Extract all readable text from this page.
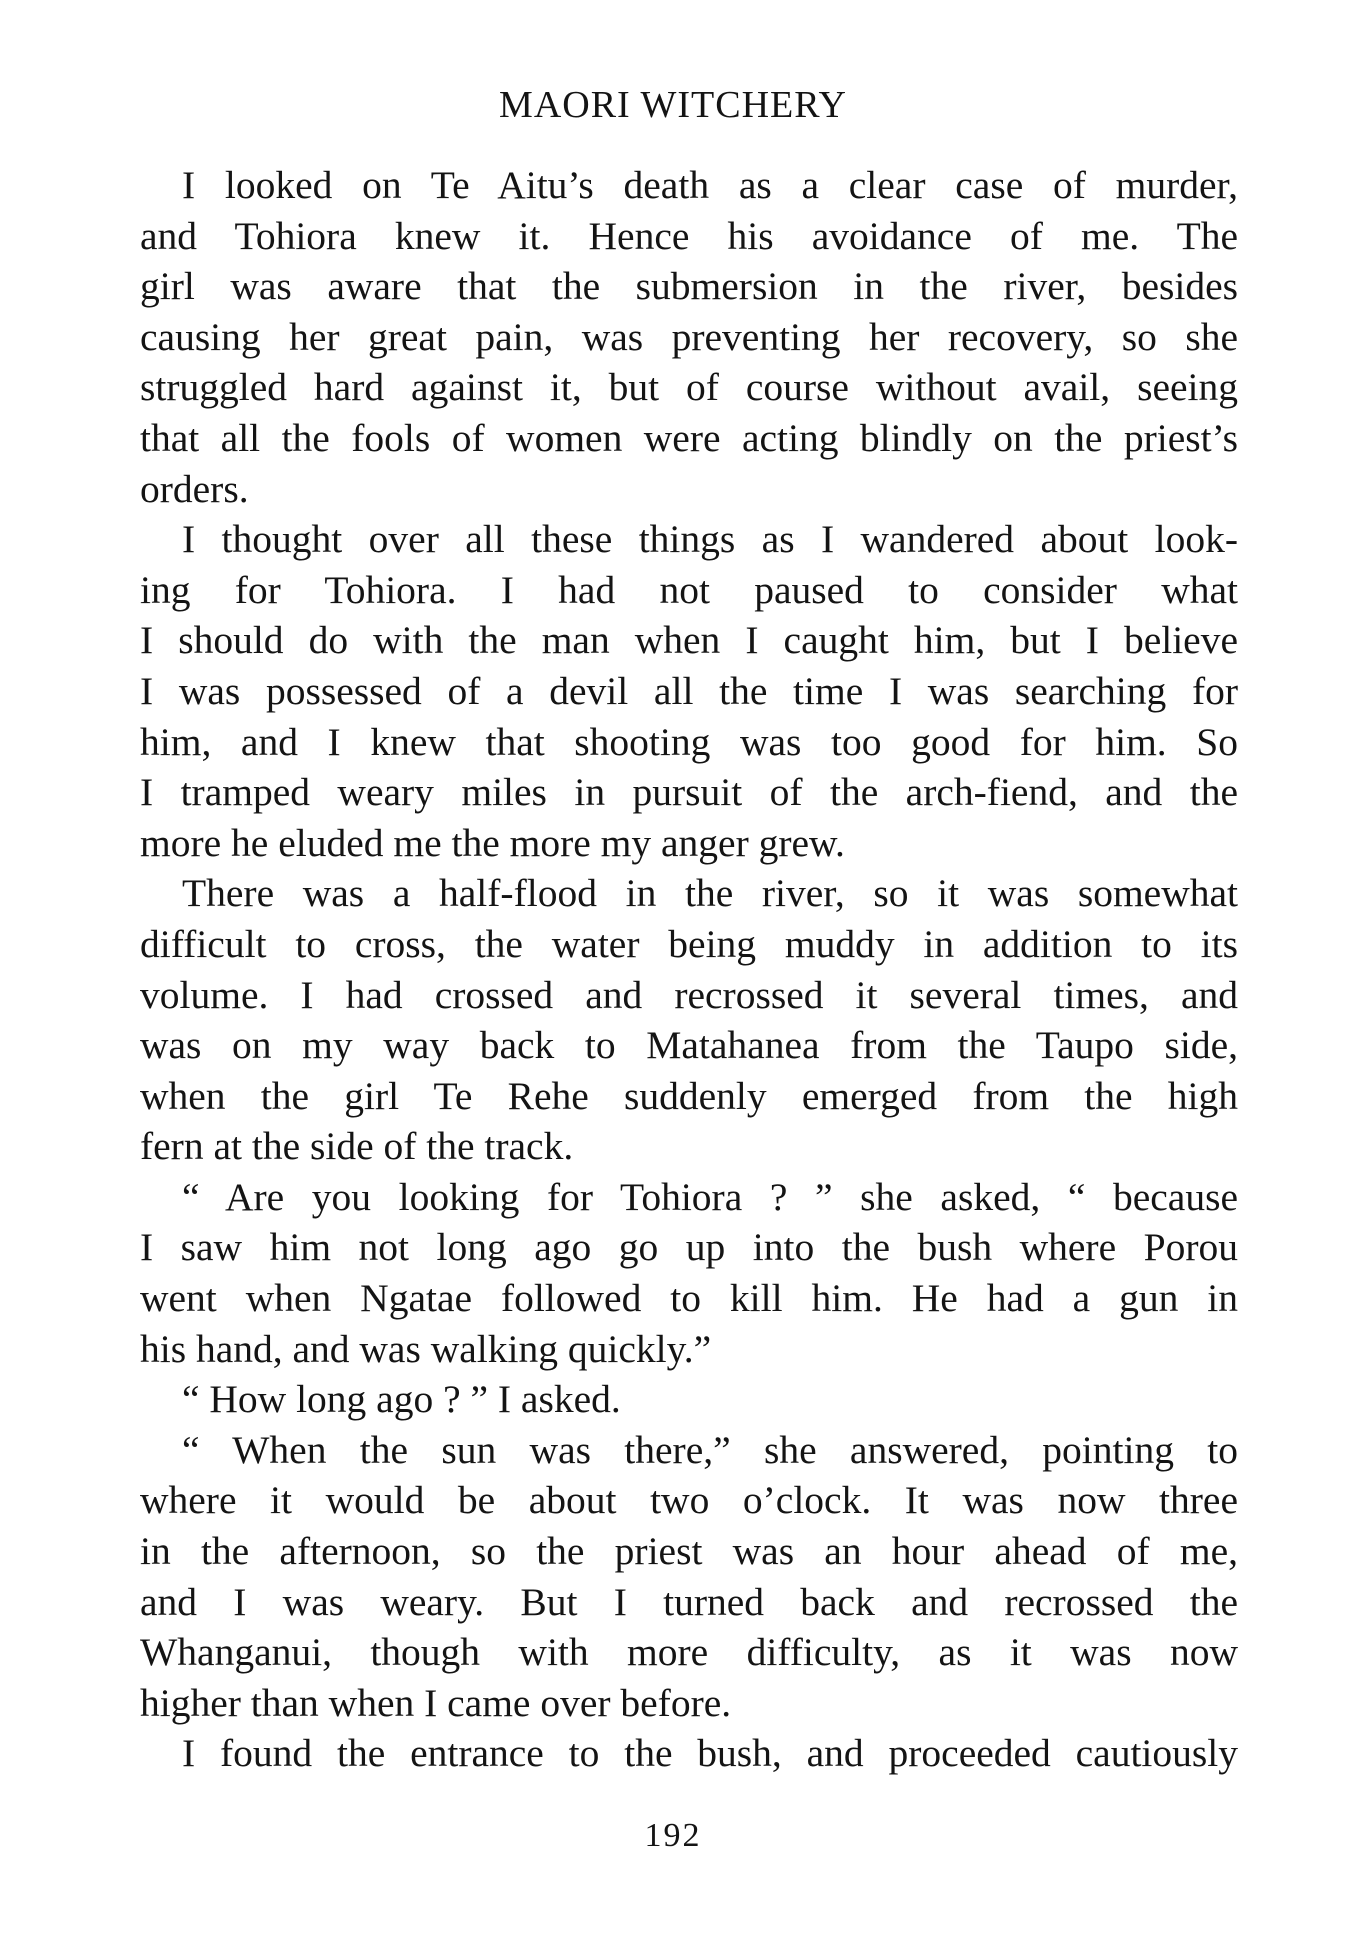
MAORI WITCHERY
I looked on Te Aitu’s death as a clear case of murder,
and Tohiora knew it. Hence his avoidance of me. The
girl was aware that the submersion in the river, besides
causing her great pain, was preventing her recovery, so she
struggled hard against it, but of course without avail, seeing
that all the fools of women were acting blindly on the priest’s
orders.
I thought over all these things as I wandered about look-
ing for Tohiora. I had not paused to consider what
I should do with the man when I caught him, but I believe
I was possessed of a devil all the time I was searching for
him, and I knew that shooting was too good for him. So
I tramped weary miles in pursuit of the arch-fiend, and the
more he eluded me the more my anger grew.
There was a half-flood in the river, so it was somewhat
difficult to cross, the water being muddy in addition to its
volume. I had crossed and recrossed it several times, and
was on my way back to Matahanea from the Taupo side,
when the girl Te Rehe suddenly emerged from the high
fern at the side of the track.
“ Are you looking for Tohiora ? ” she asked, “ because
I saw him not long ago go up into the bush where Porou
went when Ngatae followed to kill him. He had a gun in
his hand, and was walking quickly.”
“ How long ago ? ” I asked.
“ When the sun was there,” she answered, pointing to
where it would be about two o’clock. It was now three
in the afternoon, so the priest was an hour ahead of me,
and I was weary. But I turned back and recrossed the
Whanganui, though with more difficulty, as it was now
higher than when I came over before.
I found the entrance to the bush, and proceeded cautiously
192
